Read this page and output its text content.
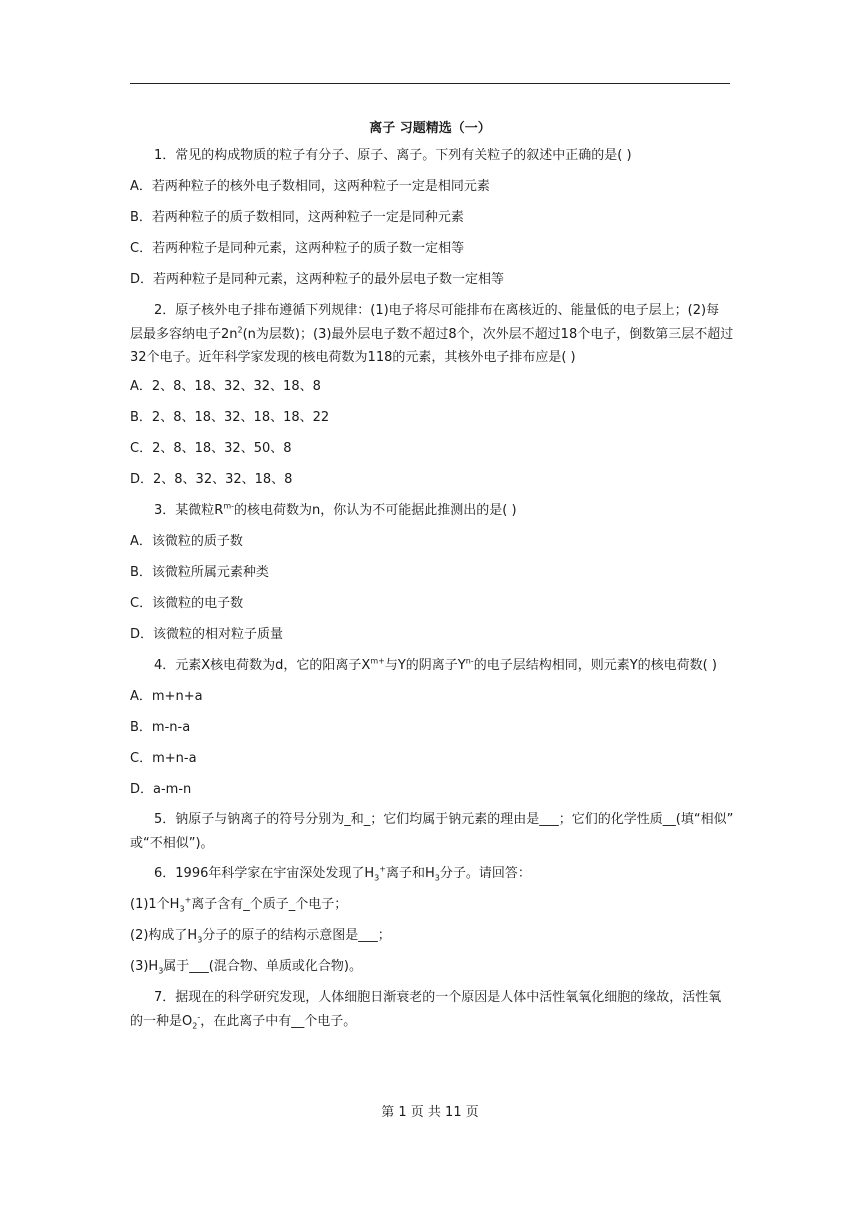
离子 习题精选（一）
1．常见的构成物质的粒子有分子、原子、离子。下列有关粒子的叙述中正确的是( )
A．若两种粒子的核外电子数相同，这两种粒子一定是相同元素
B．若两种粒子的质子数相同，这两种粒子一定是同种元素
C．若两种粒子是同种元素，这两种粒子的质子数一定相等
D．若两种粒子是同种元素，这两种粒子的最外层电子数一定相等
2．原子核外电子排布遵循下列规律：(1)电子将尽可能排布在离核近的、能量低的电子层上；(2)每
层最多容纳电子$2n^2(n$为层数)；(3)最外层电子数不超过8个，次外层不超过18个电子，倒数第三层不超过
32个电子。近年科学家发现的核电荷数为118的元素，其核外电子排布应是( )
A．2、8、18、32、32、18、8
B．2、8、18、32、18、18、22
C．2、8、18、32、50、8
D．2、8、32、32、18、8
3．某微粒$R^{m-}$的核电荷数为n，你认为不可能据此推测出的是( )
A．该微粒的质子数
B．该微粒所属元素种类
C．该微粒的电子数
D．该微粒的相对粒子质量
4．元素X核电荷数为d，它的阳离子$X^{m+}$与Y的阴离子$Y^{n-}$的电子层结构相同，则元素Y的核电荷数( )
A．m+n+a
B．m-n-a
C．m+n-a
D．a-m-n
5．钠原子与钠离子的符号分别为_和_；它们均属于钠元素的理由是___；它们的化学性质__(填“相似”
或“不相似”)。
6．1996年科学家在宇宙深处发现了$H_3^+$离子和$H_3$分子。请回答：
(1)1个$H_3^+$离子含有_个质子_个电子；
(2)构成了$H_3$分子的原子的结构示意图是___；
$(3)H_3$属于___(混合物、单质或化合物)。
7．据现在的科学研究发现，人体细胞日渐衰老的一个原因是人体中活性氧氧化细胞的缘故，活性氧
的一种是$O_2^-$，在此离子中有__个电子。
第 1 页 共 11 页
